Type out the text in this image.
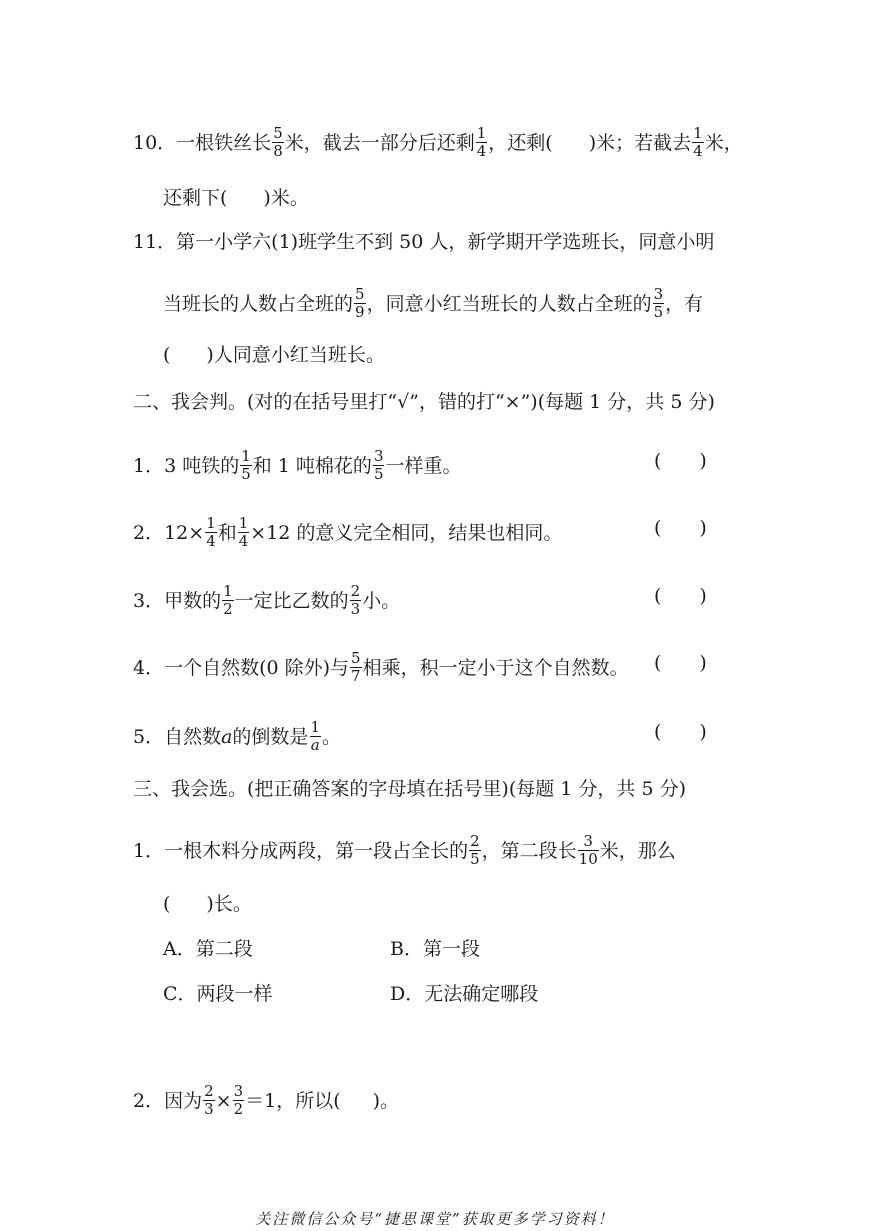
10．一根铁丝长 $\frac{5}{8}$ 米，截去一部分后还剩 $\frac{1}{4}$ ，还剩( )米；若截去 $\frac{1}{4}$ 米，
还剩下( )米。
11．第一小学六(1)班学生不到 50 人，新学期开学选班长，同意小明
当班长的人数占全班的 $\frac{5}{9}$ ，同意小红当班长的人数占全班的 $\frac{3}{5}$ ，有
( )人同意小红当班长。
二、我会判。(对的在括号里打“√”，错的打“×”)(每题 1 分，共 5 分)
1．3 吨铁的 $\frac{1}{5}$ 和 1 吨棉花的 $\frac{3}{5}$ 一样重。	(　　)
2．$12\times \frac{1}{4}$ 和 $\frac{1}{4} \times 12$ 的意义完全相同，结果也相同。	(　　)
3．甲数的 $\frac{1}{2}$ 一定比乙数的 $\frac{2}{3}$ 小。	(　　)
4．一个自然数(0 除外)与 $\frac{5}{7}$ 相乘，积一定小于这个自然数。 (　　)
5．自然数 a 的倒数是 $\frac{1}{a}$ 。	(　　)
三、我会选。(把正确答案的字母填在括号里)(每题 1 分，共 5 分)
1．一根木料分成两段，第一段占全长的 $\frac{2}{5}$ ，第二段长 $\frac{3}{10}$ 米，那么
( )长。
A．第二段	B．第一段
C．两段一样	D．无法确定哪段
2．因为 $\frac{2}{3} \times \frac{3}{2} =1$，所以( )。
关注微信公众号“捷思课堂”获取更多学习资料！
